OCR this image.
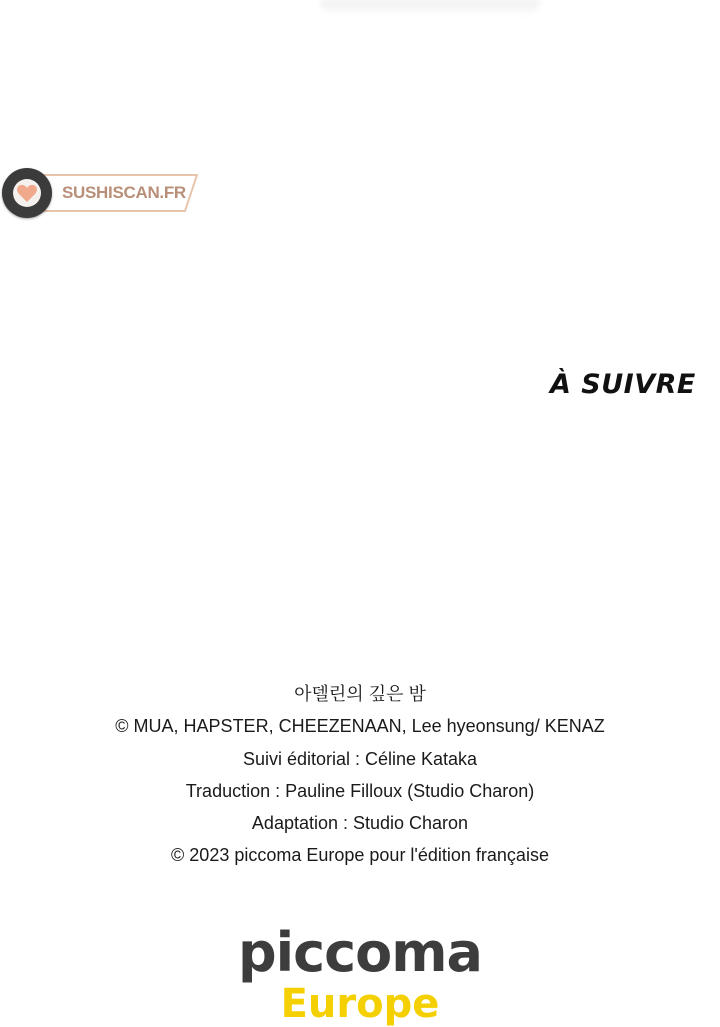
SUSHISCAN.FR
À SUIVRE
아델린의 깊은 밤
© MUA, HAPSTER, CHEEZENAAN, Lee hyeonsung/ KENAZ
Suivi éditorial : Céline Kataka
Traduction : Pauline Filloux (Studio Charon)
Adaptation : Studio Charon
© 2023 piccoma Europe pour l'édition française
piccoma
Europe
